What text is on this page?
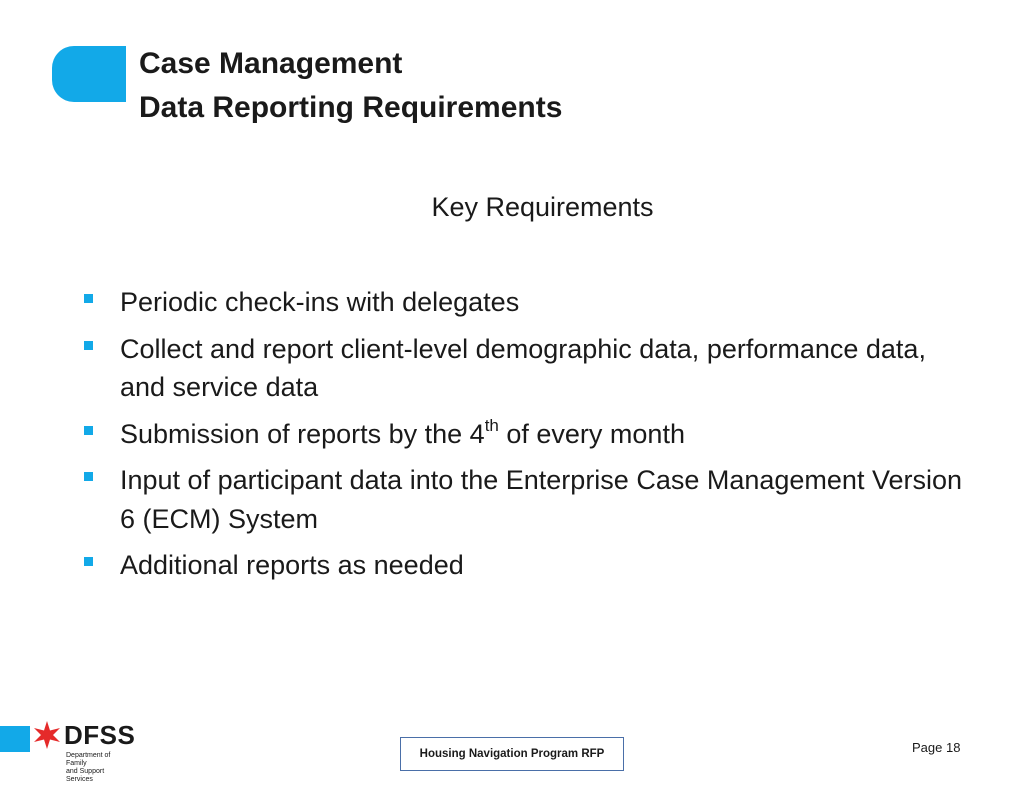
Case Management
Data Reporting Requirements
Key Requirements
Periodic check-ins with delegates
Collect and report client-level demographic data, performance data, and service data
Submission of reports by the 4th of every month
Input of participant data into the Enterprise Case Management Version 6 (ECM) System
Additional reports as needed
DFSS
Department of Family
and Support Services
Housing Navigation Program RFP	Page 18
